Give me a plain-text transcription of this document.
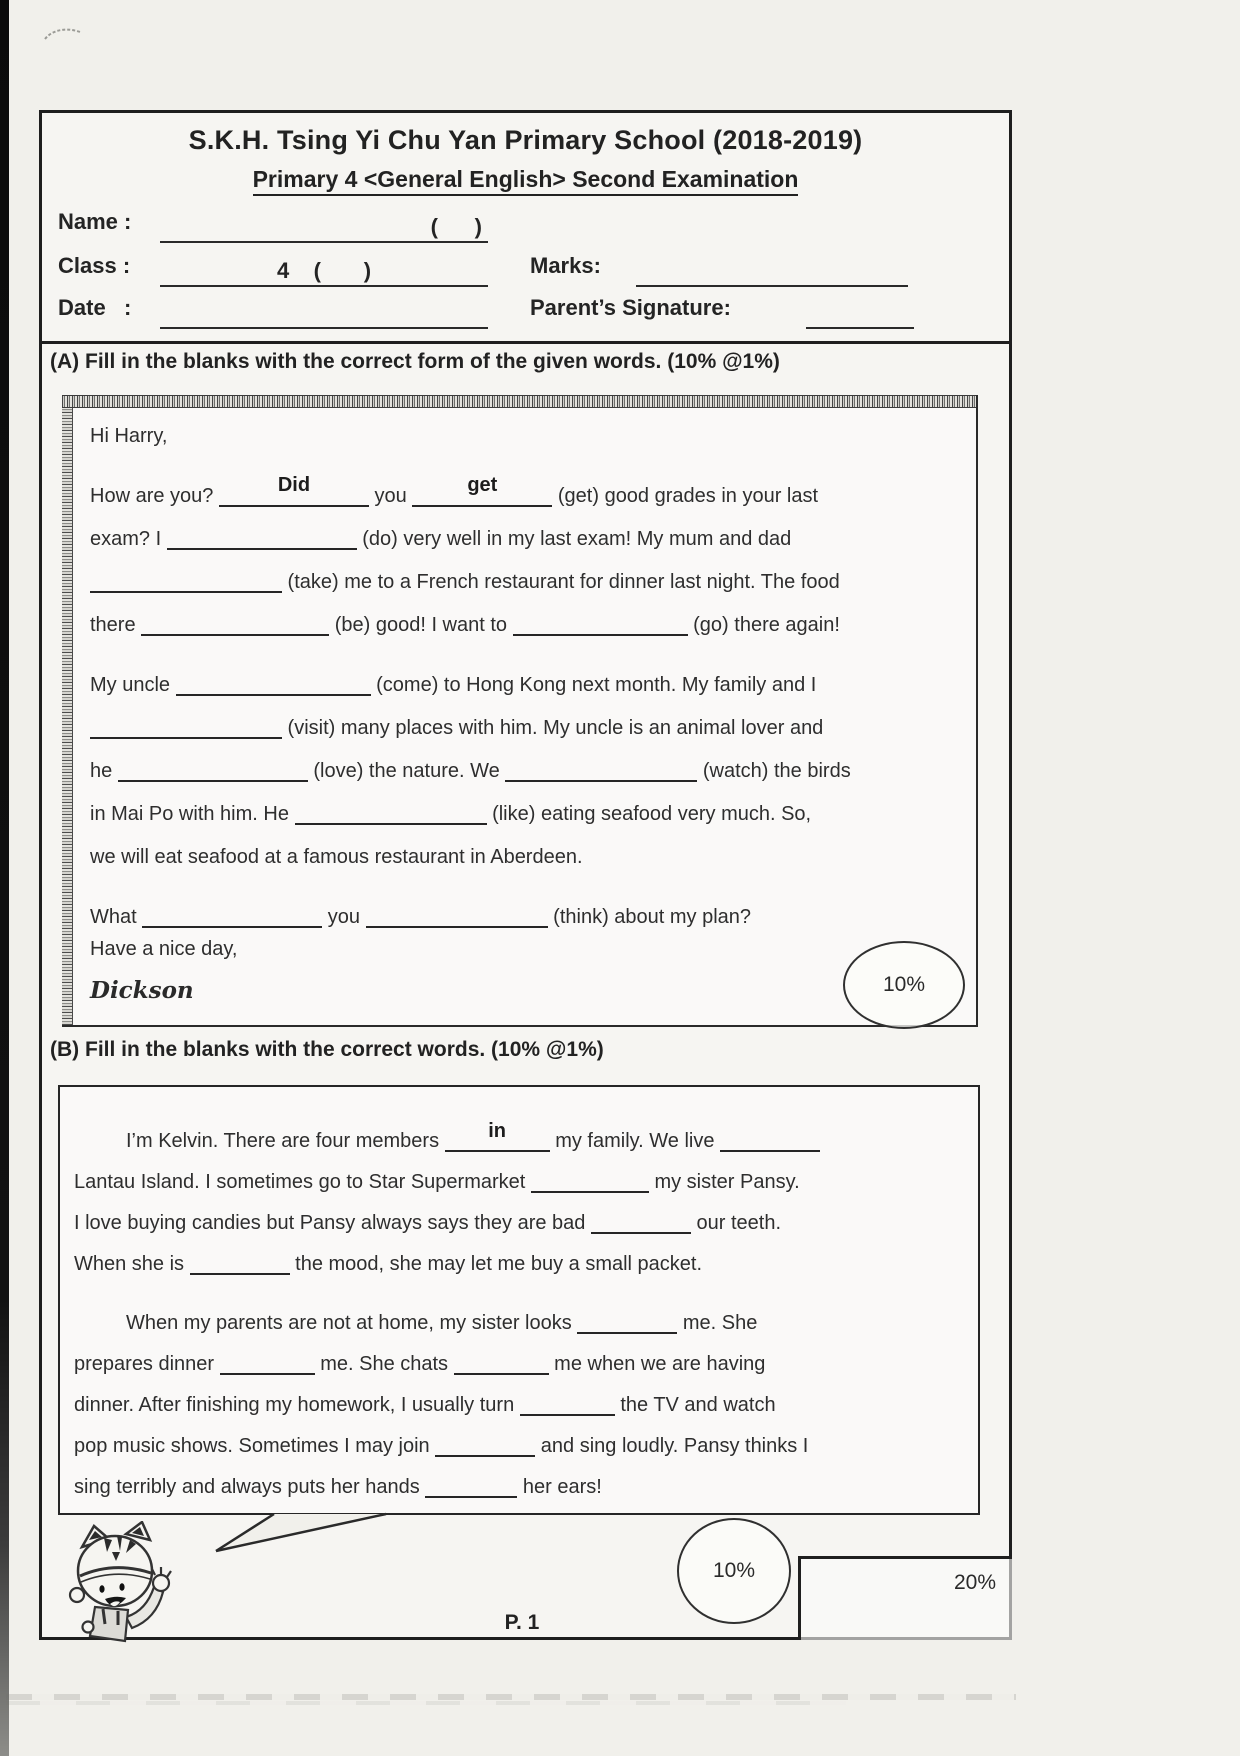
S.K.H. Tsing Yi Chu Yan Primary School (2018-2019)
Primary 4 <General English> Second Examination
Name :	(      )
Class :	4    (       )	Marks:
Date   :	Parent’s Signature:
(A) Fill in the blanks with the correct form of the given words. (10% @1%)
Hi Harry,
How are you?	Did	you	get	(get) good grades in your last
exam? I	(do) very well in my last exam! My mum and dad
(take) me to a French restaurant for dinner last night. The food
there	(be) good! I want to	(go) there again!
My uncle	(come) to Hong Kong next month. My family and I
(visit) many places with him. My uncle is an animal lover and
he	(love) the nature. We	(watch) the birds
in Mai Po with him. He	(like) eating seafood very much. So,
we will eat seafood at a famous restaurant in Aberdeen.
What	you	(think) about my plan?
Have a nice day,
Dickson	10%
(B) Fill in the blanks with the correct words. (10% @1%)
I’m Kelvin. There are four members	in	my family. We live
Lantau Island. I sometimes go to Star Supermarket	my sister Pansy.
I love buying candies but Pansy always says they are bad	our teeth.
When she is	the mood, she may let me buy a small packet.
When my parents are not at home, my sister looks	me. She
prepares dinner	me. She chats	me when we are having
dinner. After finishing my homework, I usually turn	the TV and watch
pop music shows. Sometimes I may join	and sing loudly. Pansy thinks I
sing terribly and always puts her hands	her ears!
P. 1
10%
20%
